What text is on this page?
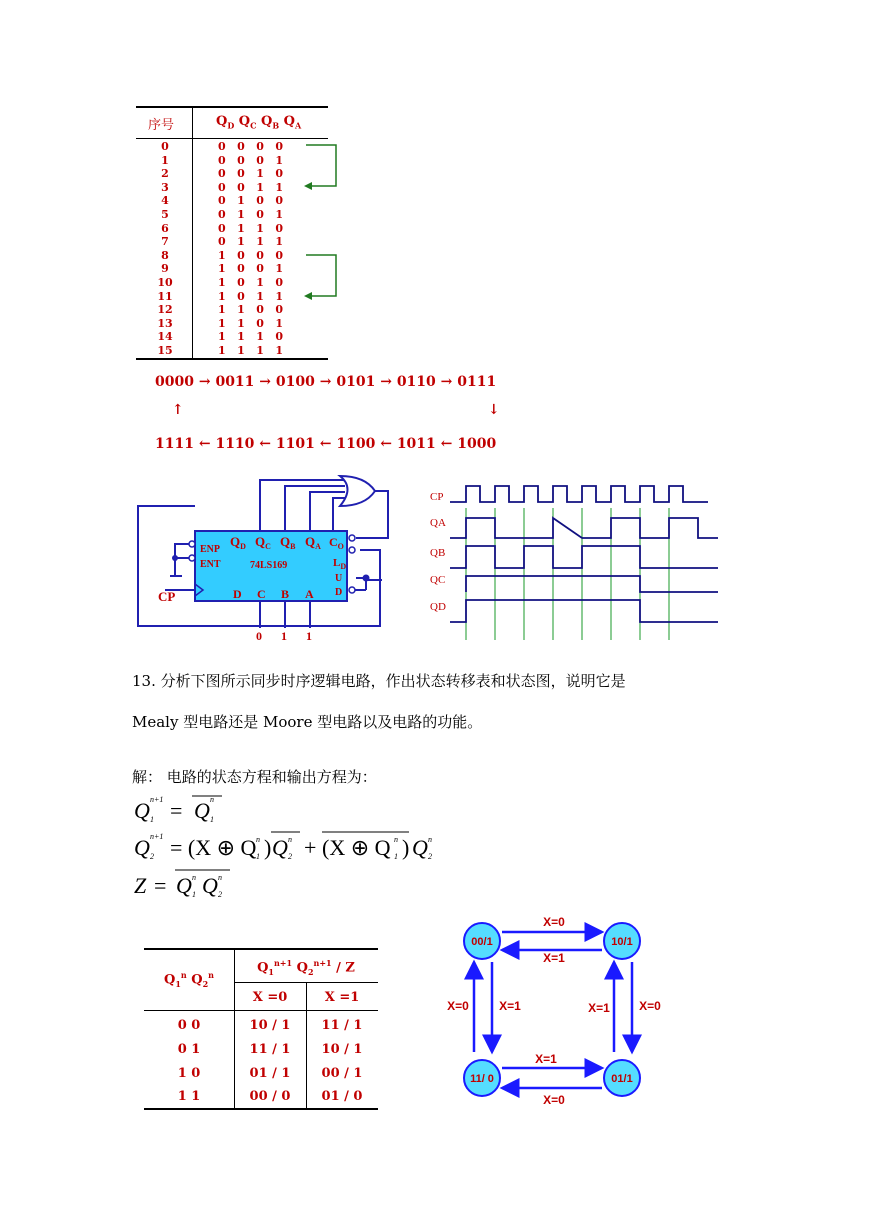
序号	$Q_D$ $Q_C$ $Q_B$ $Q_A$
0	0   0   0   0
1	0   0   0   1
2	0   0   1   0
3	0   0   1   1
4	0   1   0   0
5	0   1   0   1
6	0   1   1   0
7	0   1   1   1
8	1   0   0   0
9	1   0   0   1
10	1   0   1   0
11	1   0   1   1
12	1   1   0   0
13	1   1   0   1
14	1   1   1   0
15	1   1   1   1
0000 → 0011 → 0100 → 0101 → 0110 → 0111
↑	↓
1111 ← 1110 ← 1101 ← 1100 ← 1011 ← 1000
$Q_D$ $Q_C$ $Q_B$ $Q_A$ $C_O$
ENP
ENT	74LS169	$L_D$
U
D
D C B A
CP
0 1 1
CP
QA
QB
QC
QD
13. 分析下图所示同步时序逻辑电路，作出状态转移表和状态图，说明它是
Mealy 型电路还是 Moore 型电路以及电路的功能。
解： 电路的状态方程和输出方程为：
Q n+1
1 = Q n
1
Q n+1
2 = (X ⊕ Q 1
n ) Q 2
n + (X ⊕ Q 1
n ) Q 2
n
Z = Q 1
n Q 2
n
$Q_1^n$ $Q_2^n$	$Q_1^{n+1}$ $Q_2^{n+1}$ / Z
X =0	X =1
0 0	10 / 1	11 / 1
0 1	11 / 1	10 / 1
1 0	01 / 1	00 / 1
1 1	00 / 0	01 / 0
00/1	10/1
11/ 0	01/1
X=0
X=1
X=0	X=1	X=1 X=0
X=1
X=0
